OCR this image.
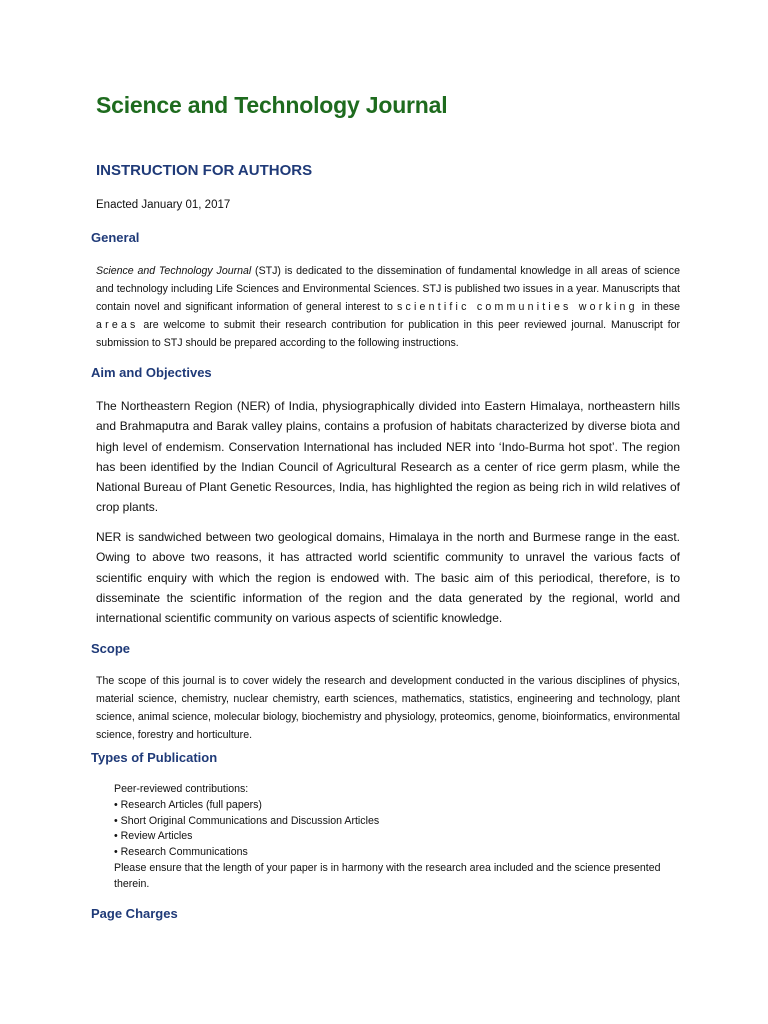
Science and Technology Journal
INSTRUCTION FOR AUTHORS

Enacted January 01, 2017

General

Science and Technology Journal (STJ) is dedicated to the dissemination of fundamental knowledge in all areas of science and technology including Life Sciences and Environmental Sciences. STJ is published two issues in a year. Manuscripts that contain novel and significant information of general interest to scientific communities working in these areas are welcome to submit their research contribution for publication in this peer reviewed journal. Manuscript for submission to STJ should be prepared according to the following instructions.

Aim and Objectives

The Northeastern Region (NER) of India, physiographically divided into Eastern Himalaya, northeastern hills and Brahmaputra and Barak valley plains, contains a profusion of habitats characterized by diverse biota and high level of endemism. Conservation International has included NER into ‘Indo-Burma hot spot’. The region has been identified by the Indian Council of Agricultural Research as a center of rice germ plasm, while the National Bureau of Plant Genetic Resources, India, has highlighted the region as being rich in wild relatives of crop plants.

NER is sandwiched between two geological domains, Himalaya in the north and Burmese range in the east. Owing to above two reasons, it has attracted world scientific community to unravel the various facts of scientific enquiry with which the region is endowed with. The basic aim of this periodical, therefore, is to disseminate the scientific information of the region and the data generated by the regional, world and international scientific community on various aspects of scientific knowledge.

Scope

The scope of this journal is to cover widely the research and development conducted in the various disciplines of physics, material science, chemistry, nuclear chemistry, earth sciences, mathematics, statistics, engineering and technology, plant science, animal science, molecular biology, biochemistry and physiology, proteomics, genome, bioinformatics, environmental science, forestry and horticulture.

Types of Publication
Peer-reviewed contributions:
• Research Articles (full papers)
• Short Original Communications and Discussion Articles
• Review Articles
• Research Communications
Please ensure that the length of your paper is in harmony with the research area included and the science presented therein.
Page Charges
